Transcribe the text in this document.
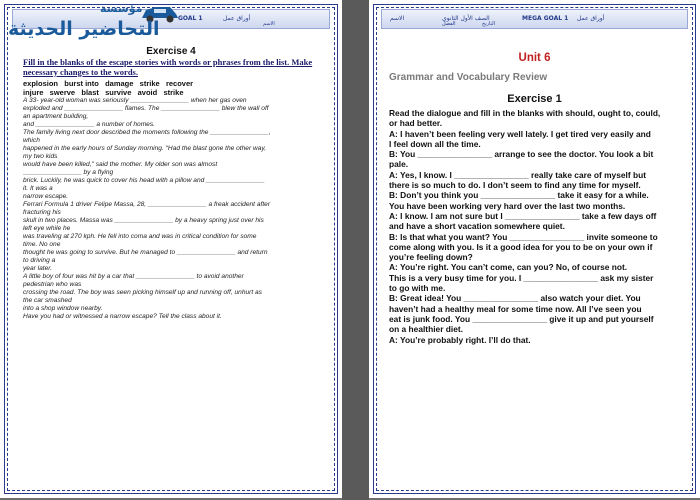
GOAL 1	أوراق عمل
الاسم
مؤسسة
التحاضير الحديثة
Exercise 4
Fill in the blanks of the escape stories with words or phrases from the list. Make
necessary changes to the words.
explosion   burst into   damage   strike   recover
injure   swerve   blast   survive   avoid   strike
A 33- year-old woman was seriously ________________ when her gas oven
exploded and ________________ flames. The ________________ blew the wall off
an apartment building,
and ________________ a number of homes.
The family living next door described the moments following the ________________,
which
happened in the early hours of Sunday morning. "Had the blast gone the other way,
my two kids
would have been killed," said the mother. My older son was almost
________________ by a flying
brick. Luckily, he was quick to cover his head with a pillow and ________________
it. It was a
narrow escape.
Ferrari Formula 1 driver Felipe Massa, 28, ________________ a freak accident after
fracturing his
skull in two places. Massa was ________________ by a heavy spring just over his
left eye while he
was traveling at 270 kph. He fell into coma and was in critical condition for some
time. No one
thought he was going to survive. But he managed to ________________ and return
to driving a
year later.
A little boy of four was hit by a car that ________________ to avoid another
pedestrian who was
crossing the road. The boy was seen picking himself up and running off, unhurt as
the car smashed
into a shop window nearby.
Have you had or witnessed a narrow escape? Tell the class about it.
الاسم
الفصل	التاريخ
أوراق عمل
MEGA GOAL 1
الصف الأول الثانوي
Unit 6
Grammar and Vocabulary Review
Exercise 1
Read the dialogue and fill in the blanks with should, ought to, could,
or had better.
A: I haven’t been feeling very well lately. I get tired very easily and
I feel down all the time.
B: You ________________ arrange to see the doctor. You look a bit
pale.
A: Yes, I know. I ________________ really take care of myself but
there is so much to do. I don’t seem to find any time for myself.
B: Don’t you think you ________________ take it easy for a while.
You have been working very hard over the last two months.
A: I know. I am not sure but I ________________ take a few days off
and have a short vacation somewhere quiet.
B: Is that what you want? You ________________ invite someone to
come along with you. Is it a good idea for you to be on your own if
you’re feeling down?
A: You’re right. You can’t come, can you? No, of course not.
This is a very busy time for you. I ________________ ask my sister
to go with me.
B: Great idea! You ________________ also watch your diet. You
haven’t had a healthy meal for some time now. All I’ve seen you
eat is junk food. You ________________ give it up and put yourself
on a healthier diet.
A: You’re probably right. I’ll do that.
